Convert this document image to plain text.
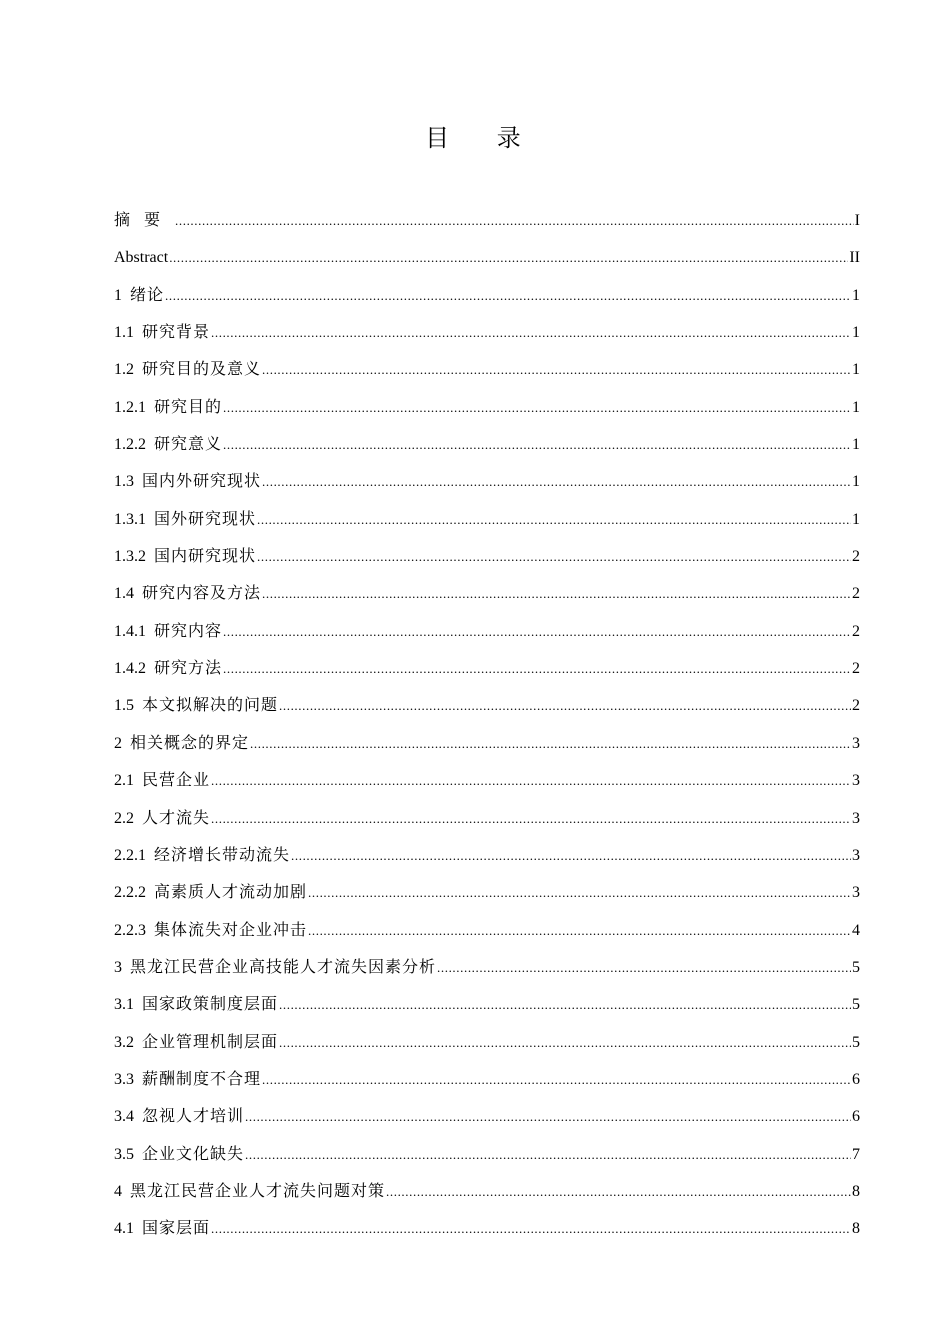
目 录
摘要 .....	I
Abstract .....	II
1 绪论 .....	1
1.1 研究背景 .....	1
1.2 研究目的及意义 .....	1
1.2.1 研究目的 .....	1
1.2.2 研究意义 .....	1
1.3 国内外研究现状 .....	1
1.3.1 国外研究现状 .....	1
1.3.2 国内研究现状 .....	2
1.4 研究内容及方法 .....	2
1.4.1 研究内容 .....	2
1.4.2 研究方法 .....	2
1.5 本文拟解决的问题 .....	2
2 相关概念的界定 .....	3
2.1 民营企业 .....	3
2.2 人才流失 .....	3
2.2.1 经济增长带动流失 .....	3
2.2.2 高素质人才流动加剧 .....	3
2.2.3 集体流失对企业冲击 .....	4
3 黑龙江民营企业高技能人才流失因素分析 .....	5
3.1 国家政策制度层面 .....	5
3.2 企业管理机制层面 .....	5
3.3 薪酬制度不合理 .....	6
3.4 忽视人才培训 .....	6
3.5 企业文化缺失 .....	7
4 黑龙江民营企业人才流失问题对策 .....	8
4.1 国家层面 .....	8
